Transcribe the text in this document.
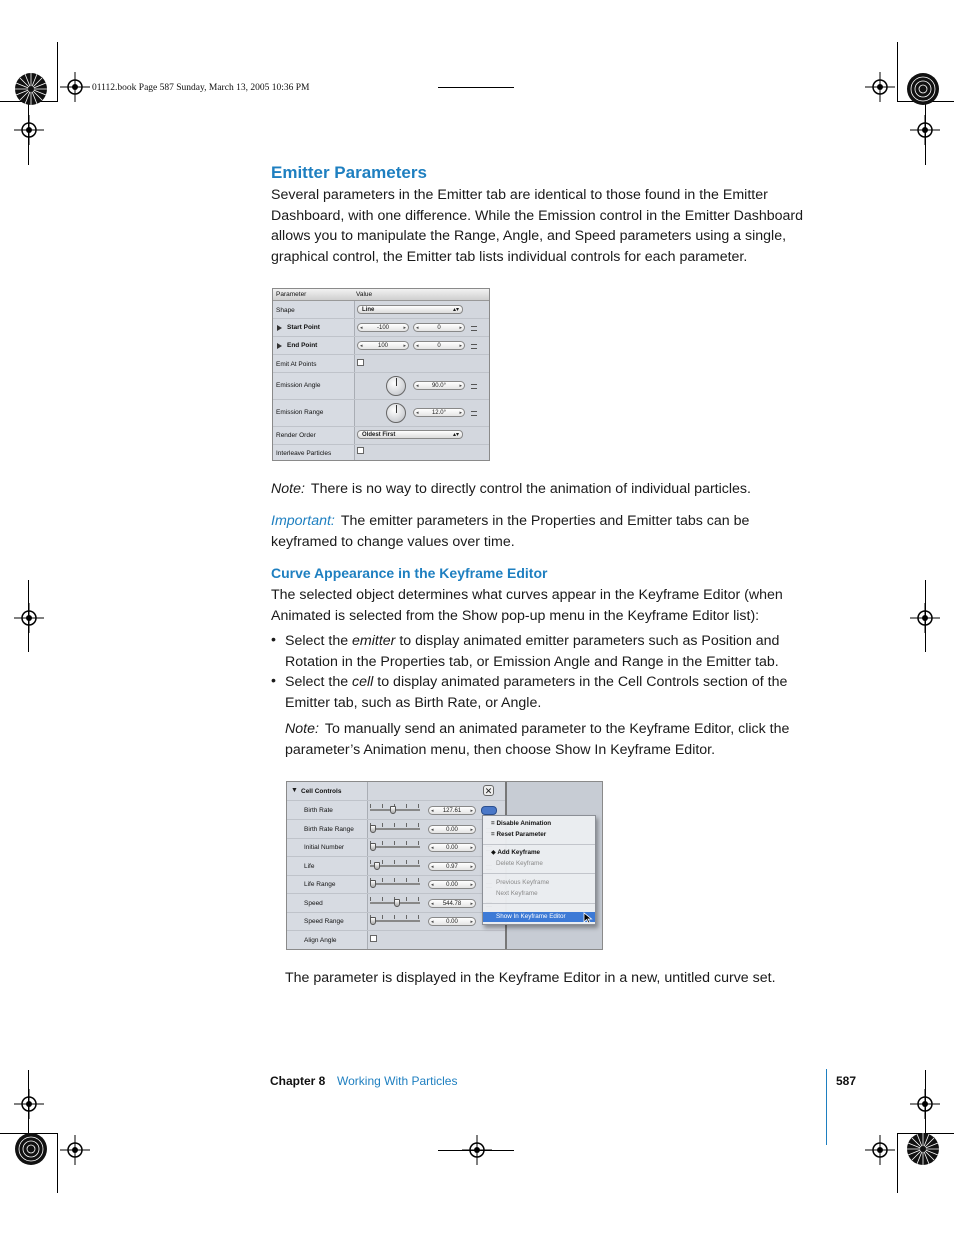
01112.book Page 587 Sunday, March 13, 2005 10:36 PM
Emitter Parameters
Several parameters in the Emitter tab are identical to those found in the Emitter Dashboard, with one difference. While the Emission control in the Emitter Dashboard allows you to manipulate the Range, Angle, and Speed parameters using a single, graphical control, the Emitter tab lists individual controls for each parameter.
Parameter	Value
Shape	Line	▴▾
Start Point	◂ -100	▸ ◂	0	▸
End Point	◂	100	▸ ◂	0	▸
Emit At Points
Emission Angle	◂ 90.0°	▸
Emission Range	◂ 12.0°	▸
Render Order	Oldest First	▴▾
Interleave Particles
Note: There is no way to directly control the animation of individual particles.
Important: The emitter parameters in the Properties and Emitter tabs can be keyframed to change values over time.
Curve Appearance in the Keyframe Editor
The selected object determines what curves appear in the Keyframe Editor (when Animated is selected from the Show pop-up menu in the Keyframe Editor list):
• Select the emitter to display animated emitter parameters such as Position and Rotation in the Properties tab, or Emission Angle and Range in the Emitter tab.
• Select the cell to display animated parameters in the Cell Controls section of the Emitter tab, such as Birth Rate, or Angle.
Note: To manually send an animated parameter to the Keyframe Editor, click the parameter’s Animation menu, then choose Show In Keyframe Editor.
▼ Cell Controls	✕
Birth Rate	◂ 127.61 ▸
Birth Rate Range	◂ 0.00	▸
Initial Number	◂ 0.00	▸
Life	◂ 0.97	▸
Life Range	◂ 0.00	▸
Speed	◂ 544.78 ▸
Speed Range	◂ 0.00	▸
Align Angle
= Disable Animation
= Reset Parameter
◆ Add Keyframe
Delete Keyframe
Previous Keyframe
Next Keyframe
Show In Keyframe Editor
The parameter is displayed in the Keyframe Editor in a new, untitled curve set.
Chapter 8 Working With Particles	587
